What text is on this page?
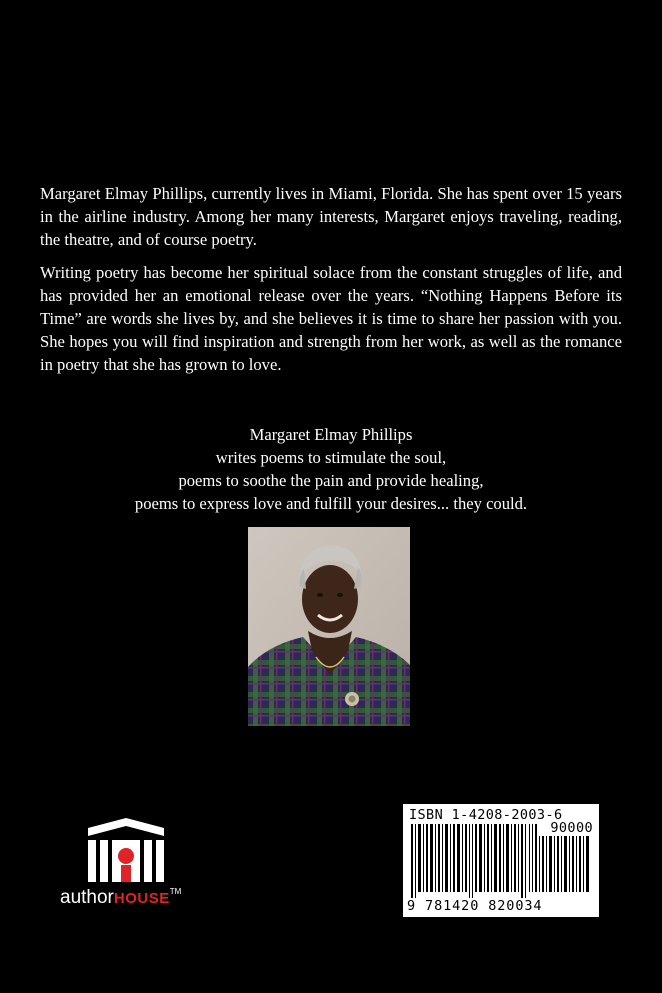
Margaret Elmay Phillips, currently lives in Miami, Florida. She has spent over 15 years in the airline industry. Among her many interests, Margaret enjoys traveling, reading, the theatre, and of course poetry.

Writing poetry has become her spiritual solace from the constant struggles of life, and has provided her an emotional release over the years. “Nothing Happens Before its Time” are words she lives by, and she believes it is time to share her passion with you. She hopes you will find inspiration and strength from her work, as well as the romance in poetry that she has grown to love.

Margaret Elmay Phillips
writes poems to stimulate the soul,
poems to soothe the pain and provide healing,
poems to express love and fulfill your desires... they could.
authorHOUSE™
ISBN 1-4208-2003-6
90000
9 781420 820034
